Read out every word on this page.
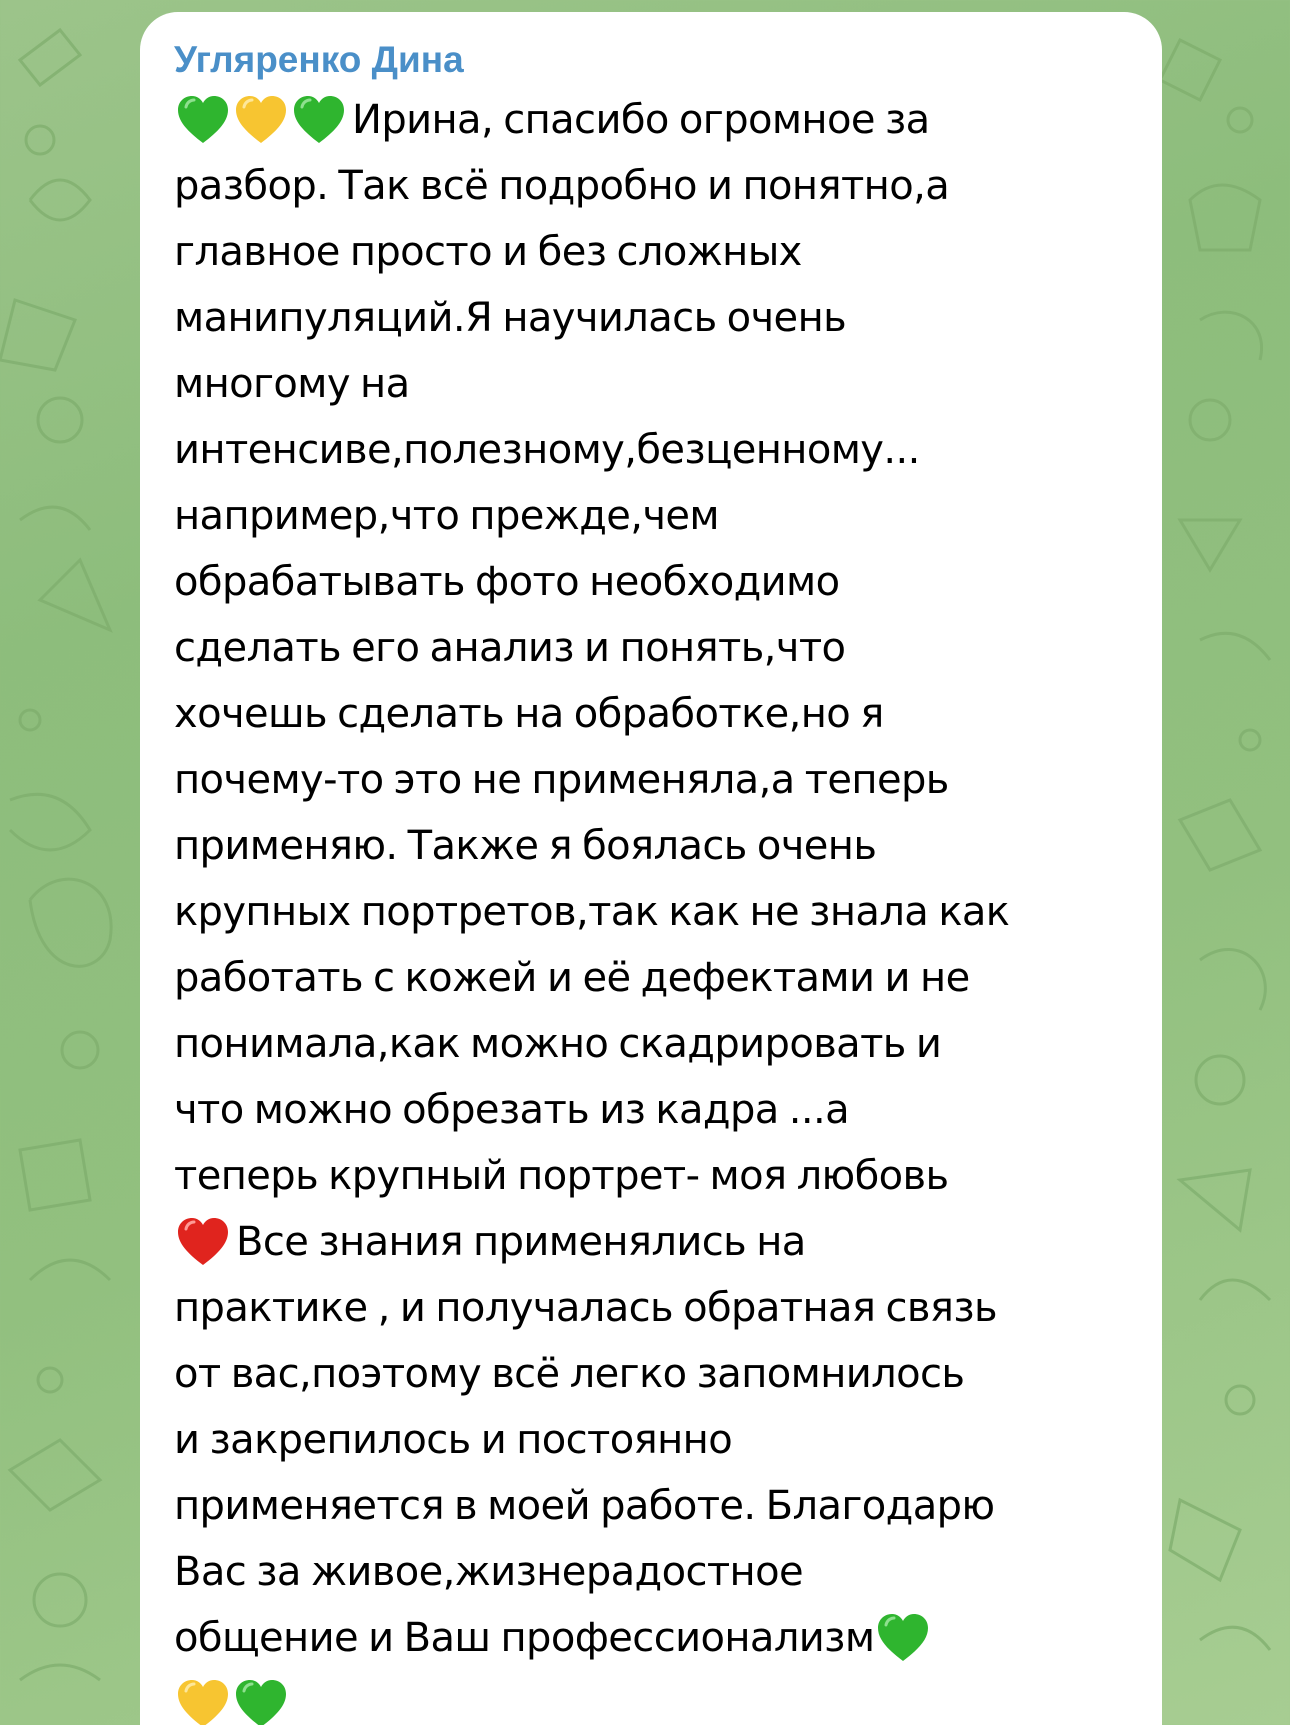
Угляренко Дина
Ирина, спасибо огромное за
разбор. Так всё подробно и понятно,а
главное просто и без сложных
манипуляций.Я научилась очень
многому на
интенсиве,полезному,безценному...
например,что прежде,чем
обрабатывать фото необходимо
сделать его анализ и понять,что
хочешь сделать на обработке,но я
почему-то это не применяла,а теперь
применяю. Также я боялась очень
крупных портретов,так как не знала как
работать с кожей и её дефектами и не
понимала,как можно скадрировать и
что можно обрезать из кадра ...а
теперь крупный портрет- моя любовь
Все знания применялись на
практике , и получалась обратная связь
от вас,поэтому всё легко запомнилось
и закрепилось и постоянно
применяется в моей работе. Благодарю
Вас за живое,жизнерадостное
общение и Ваш профессионализм
